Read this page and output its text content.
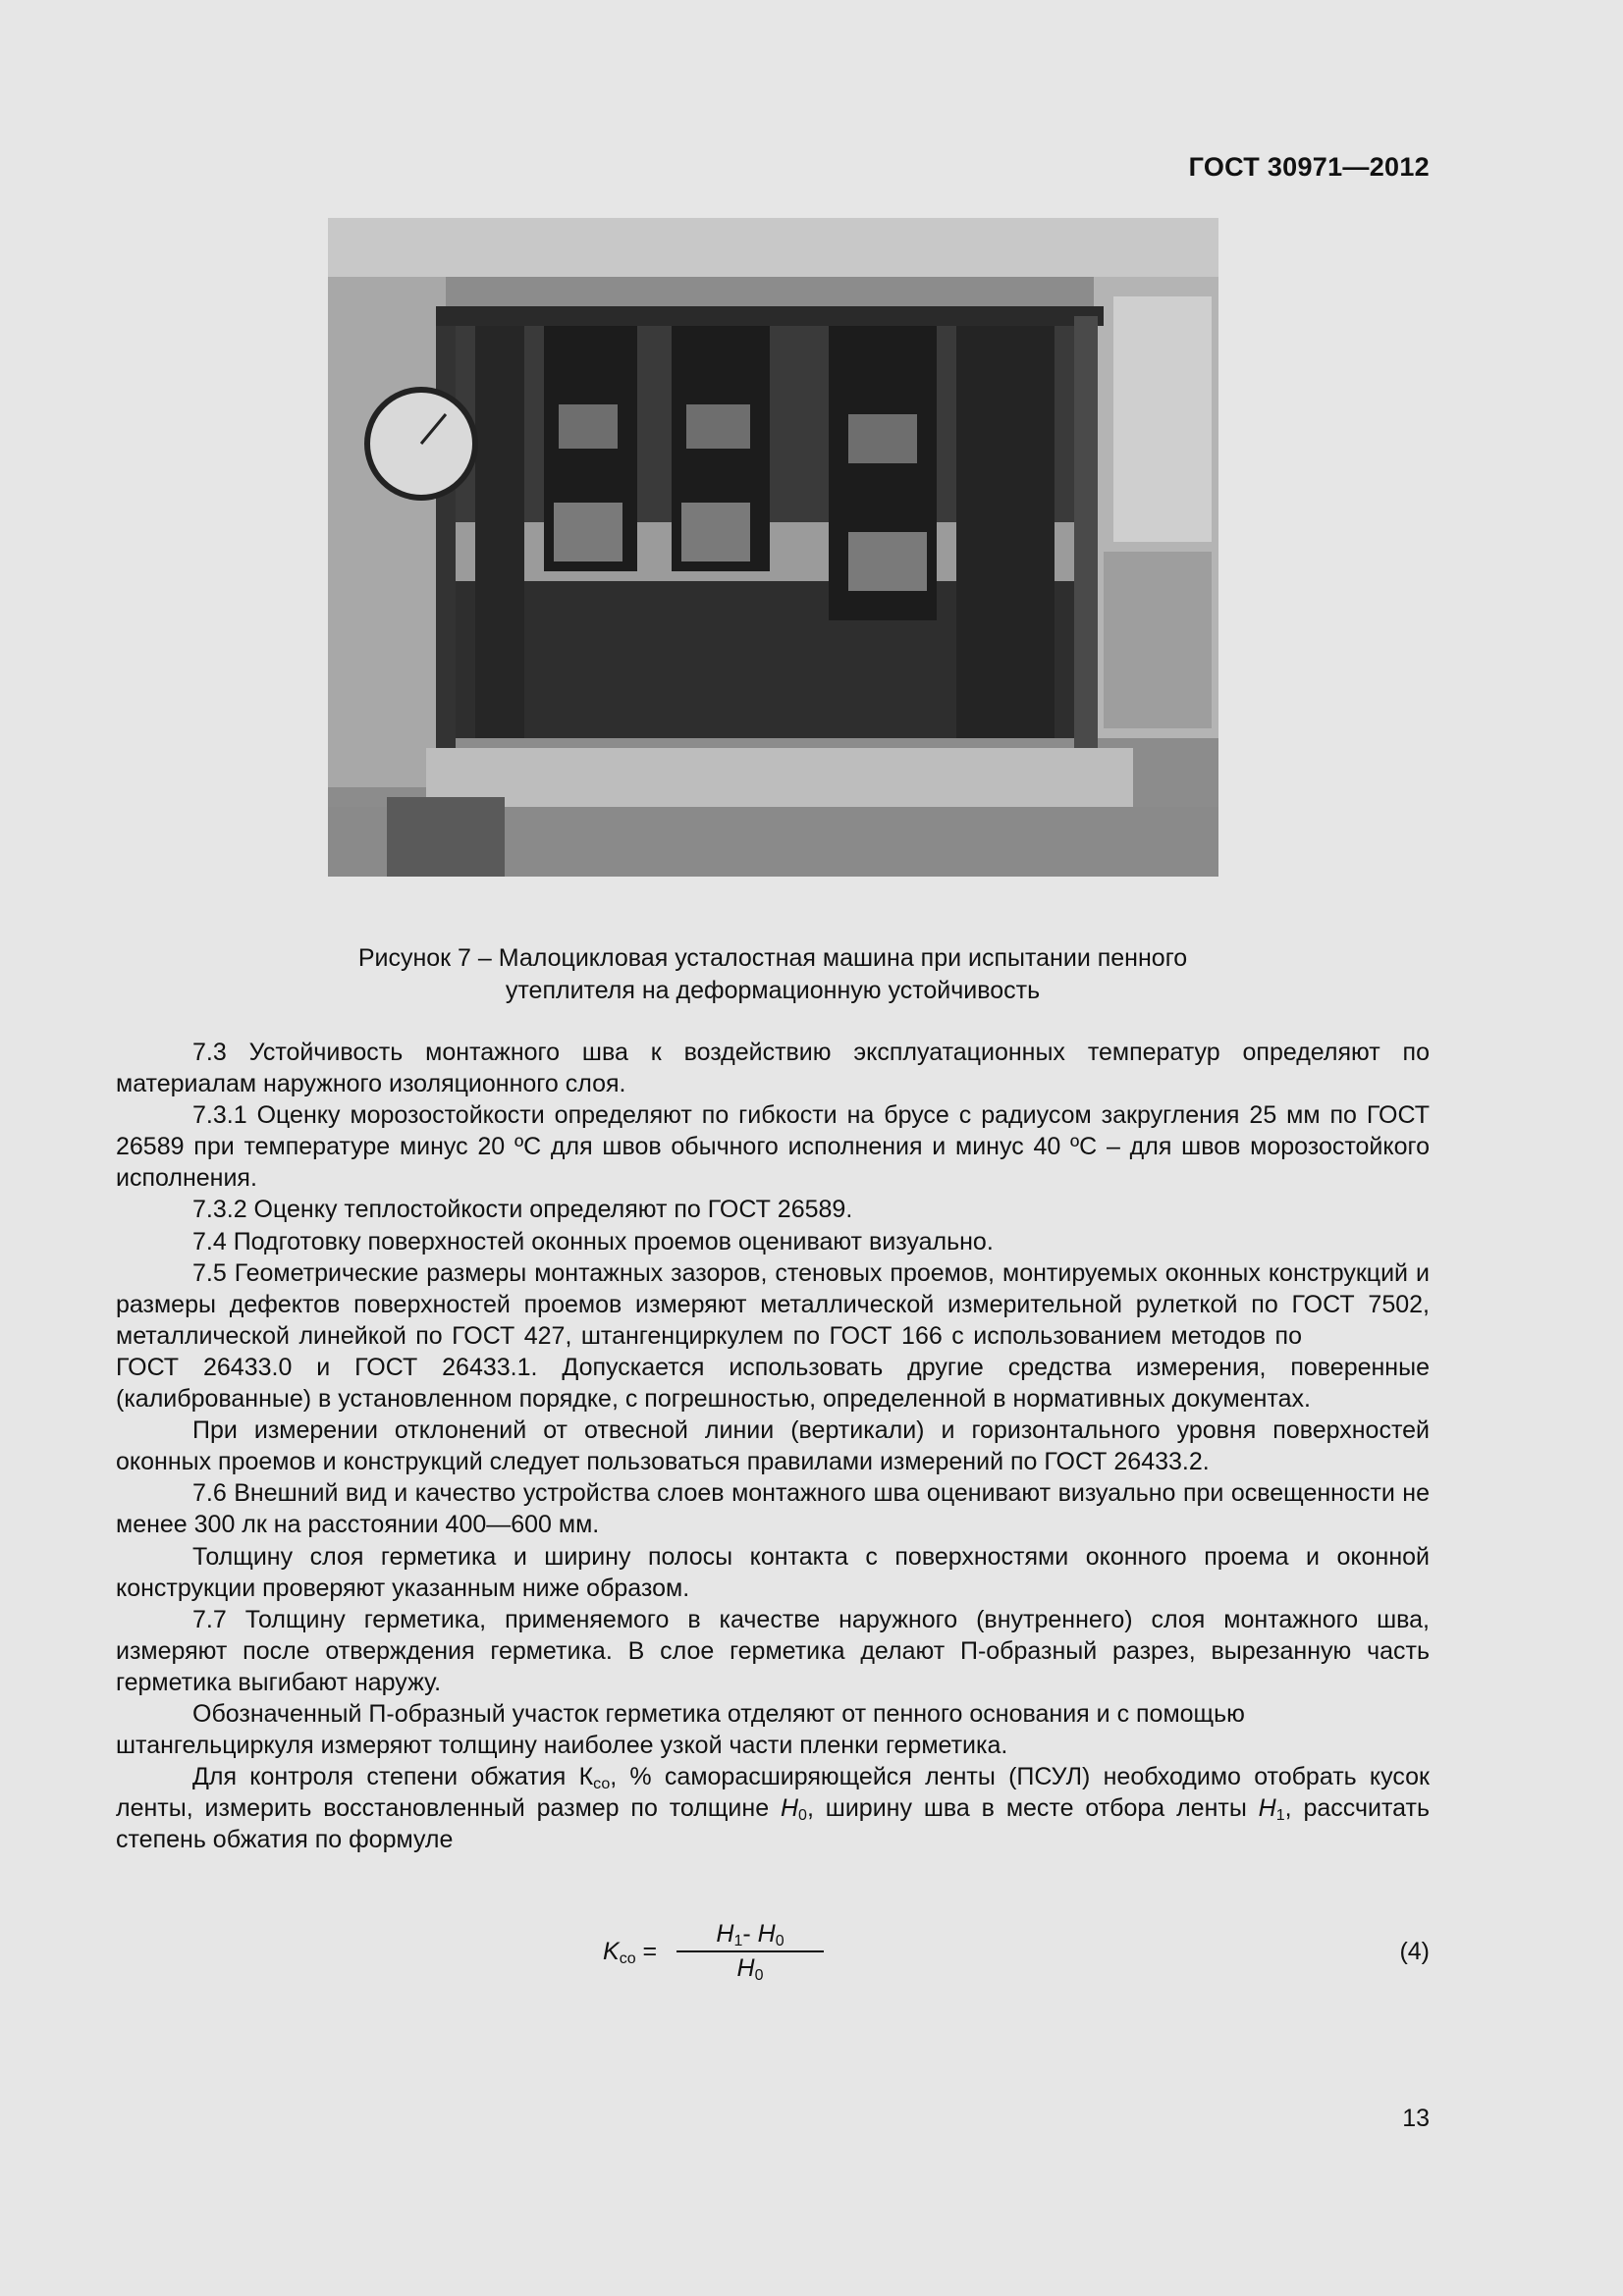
ГОСТ 30971—2012
Рисунок 7 – Малоцикловая усталостная машина при испытании пенного
утеплителя на деформационную устойчивость

7.3 Устойчивость монтажного шва к воздействию эксплуатационных температур определяют по материалам наружного изоляционного слоя.

7.3.1 Оценку морозостойкости определяют по гибкости на брусе с радиусом закругления 25 мм по ГОСТ 26589 при температуре минус 20 ºС для швов обычного исполнения и минус 40 ºС – для швов морозостойкого исполнения.

7.3.2 Оценку теплостойкости определяют по ГОСТ 26589.

7.4 Подготовку поверхностей оконных проемов оценивают визуально.

7.5 Геометрические размеры монтажных зазоров, стеновых проемов, монтируемых оконных конструкций и размеры дефектов поверхностей проемов измеряют металлической измерительной рулеткой по ГОСТ 7502, металлической линейкой по ГОСТ 427, штангенциркулем по ГОСТ 166 с использованием методов поГОСТ 26433.0 и ГОСТ 26433.1. Допускается использовать другие средства измерения, поверенные (калиброванные) в установленном порядке, с погрешностью, определенной в нормативных документах.

При измерении отклонений от отвесной линии (вертикали) и горизонтального уровня поверхностей оконных проемов и конструкций следует пользоваться правилами измерений по ГОСТ 26433.2.

7.6 Внешний вид и качество устройства слоев монтажного шва оценивают визуально при освещенности не менее 300 лк на расстоянии 400—600 мм.

Толщину слоя герметика и ширину полосы контакта с поверхностями оконного проема и оконной конструкции проверяют указанным ниже образом.

7.7 Толщину герметика, применяемого в качестве наружного (внутреннего) слоя монтажного шва, измеряют после отверждения герметика. В слое герметика делают П-образный разрез, вырезанную часть герметика выгибают наружу.

Обозначенный П-образный участок герметика отделяют от пенного основания и с помощью штангельциркуля измеряют толщину наиболее узкой части пленки герметика.

Для контроля степени обжатия $К_{со}$, % саморасширяющейся ленты (ПСУЛ) необходимо отобрать кусок ленты, измерить восстановленный размер по толщине $H_0$, ширину шва в месте отбора ленты $H_1$, рассчитать степень обжатия по формуле

$K_{co} = \frac{H_1- H_0}{H_0}$	(4)
13
